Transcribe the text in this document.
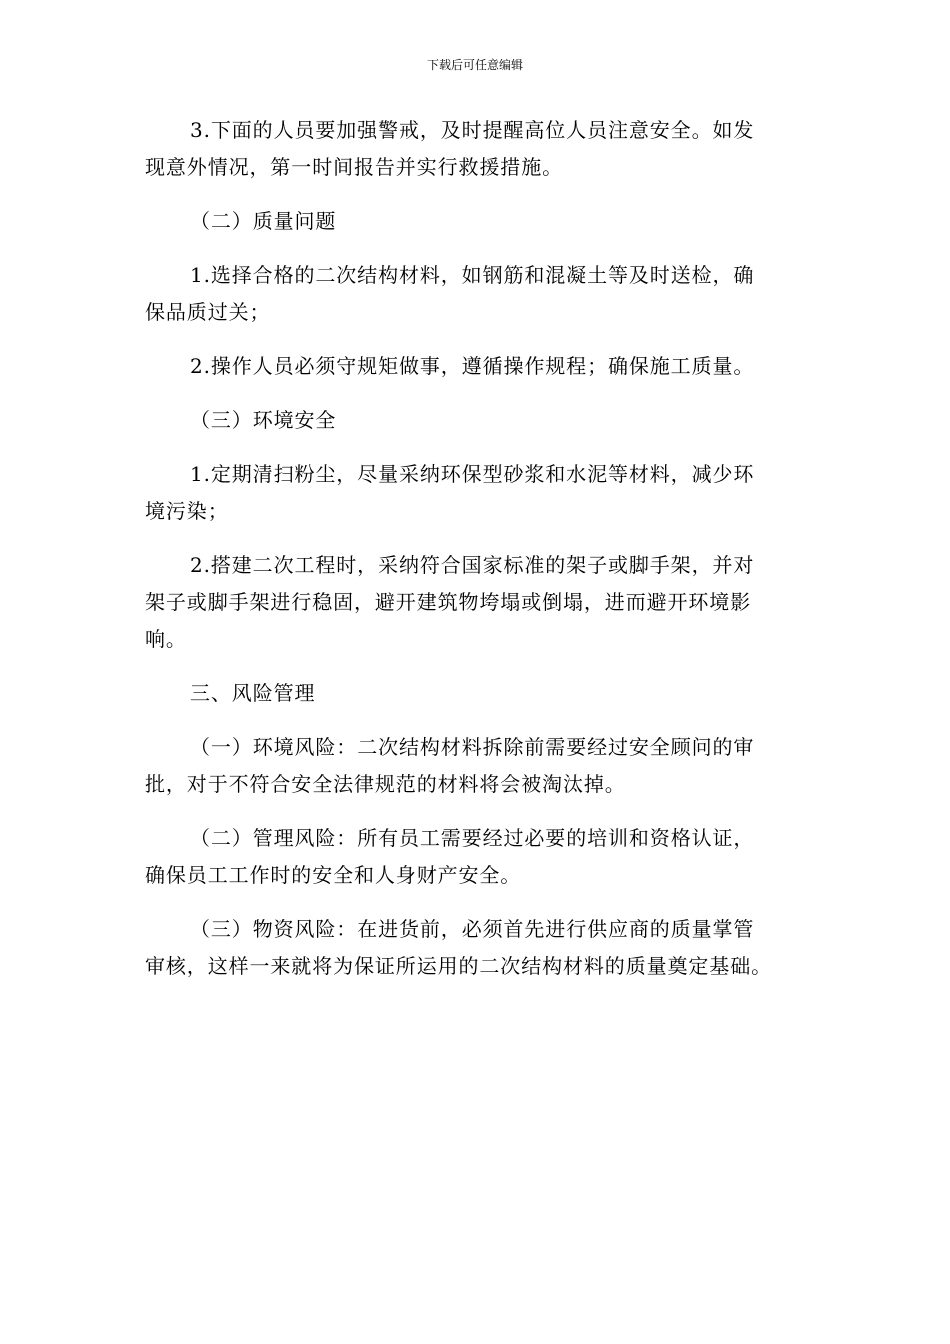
下载后可任意编辑

3.下面的人员要加强警戒，及时提醒高位人员注意安全。如发
现意外情况，第一时间报告并实行救援措施。

（二）质量问题

1.选择合格的二次结构材料，如钢筋和混凝土等及时送检，确
保品质过关；

2.操作人员必须守规矩做事，遵循操作规程；确保施工质量。

（三）环境安全

1.定期清扫粉尘，尽量采纳环保型砂浆和水泥等材料，减少环
境污染；

2.搭建二次工程时，采纳符合国家标准的架子或脚手架，并对
架子或脚手架进行稳固，避开建筑物垮塌或倒塌，进而避开环境影
响。

三、风险管理

（一）环境风险：二次结构材料拆除前需要经过安全顾问的审
批，对于不符合安全法律规范的材料将会被淘汰掉。

（二）管理风险：所有员工需要经过必要的培训和资格认证，
确保员工工作时的安全和人身财产安全。

（三）物资风险：在进货前，必须首先进行供应商的质量掌管
审核，这样一来就将为保证所运用的二次结构材料的质量奠定基础。
